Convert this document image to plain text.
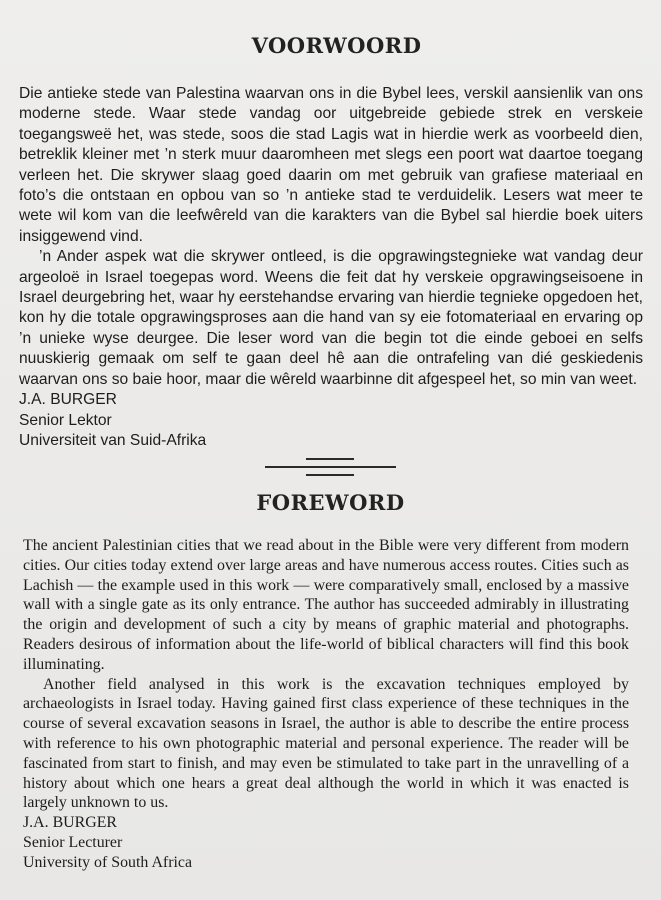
VOORWOORD

Die antieke stede van Palestina waarvan ons in die Bybel lees, verskil aansienlik van ons moderne stede. Waar stede vandag oor uitgebreide gebiede strek en verskeie toegangsweë het, was stede, soos die stad Lagis wat in hierdie werk as voorbeeld dien, betreklik kleiner met ’n sterk muur daaromheen met slegs een poort wat daartoe toegang verleen het. Die skrywer slaag goed daarin om met gebruik van grafiese materiaal en foto’s die ontstaan en opbou van so ’n antieke stad te verduidelik. Lesers wat meer te wete wil kom van die leefwêreld van die karakters van die Bybel sal hierdie boek uiters insiggewend vind.

’n Ander aspek wat die skrywer ontleed, is die opgrawingstegnieke wat vandag deur argeoloë in Israel toegepas word. Weens die feit dat hy verskeie opgrawingseisoene in Israel deurgebring het, waar hy eerstehandse ervaring van hierdie tegnieke opgedoen het, kon hy die totale opgrawingsproses aan die hand van sy eie fotomateriaal en ervaring op ’n unieke wyse deurgee. Die leser word van die begin tot die einde geboei en selfs nuuskierig gemaak om self te gaan deel hê aan die ontrafeling van dié geskiedenis waarvan ons so baie hoor, maar die wêreld waarbinne dit afgespeel het, so min van weet.

J.A. BURGER

Senior Lektor

Universiteit van Suid-Afrika

FOREWORD

The ancient Palestinian cities that we read about in the Bible were very different from modern cities. Our cities today extend over large areas and have numerous access routes. Cities such as Lachish — the example used in this work — were comparatively small, enclosed by a massive wall with a single gate as its only entrance. The author has succeeded admirably in illustrating the origin and development of such a city by means of graphic material and photographs. Readers desirous of information about the life-world of biblical characters will find this book illuminating.

Another field analysed in this work is the excavation techniques employed by archaeologists in Israel today. Having gained first class experience of these techniques in the course of several excavation seasons in Israel, the author is able to describe the entire process with reference to his own photographic material and personal experience. The reader will be fascinated from start to finish, and may even be stimulated to take part in the unravelling of a history about which one hears a great deal although the world in which it was enacted is largely unknown to us.

J.A. BURGER

Senior Lecturer

University of South Africa
